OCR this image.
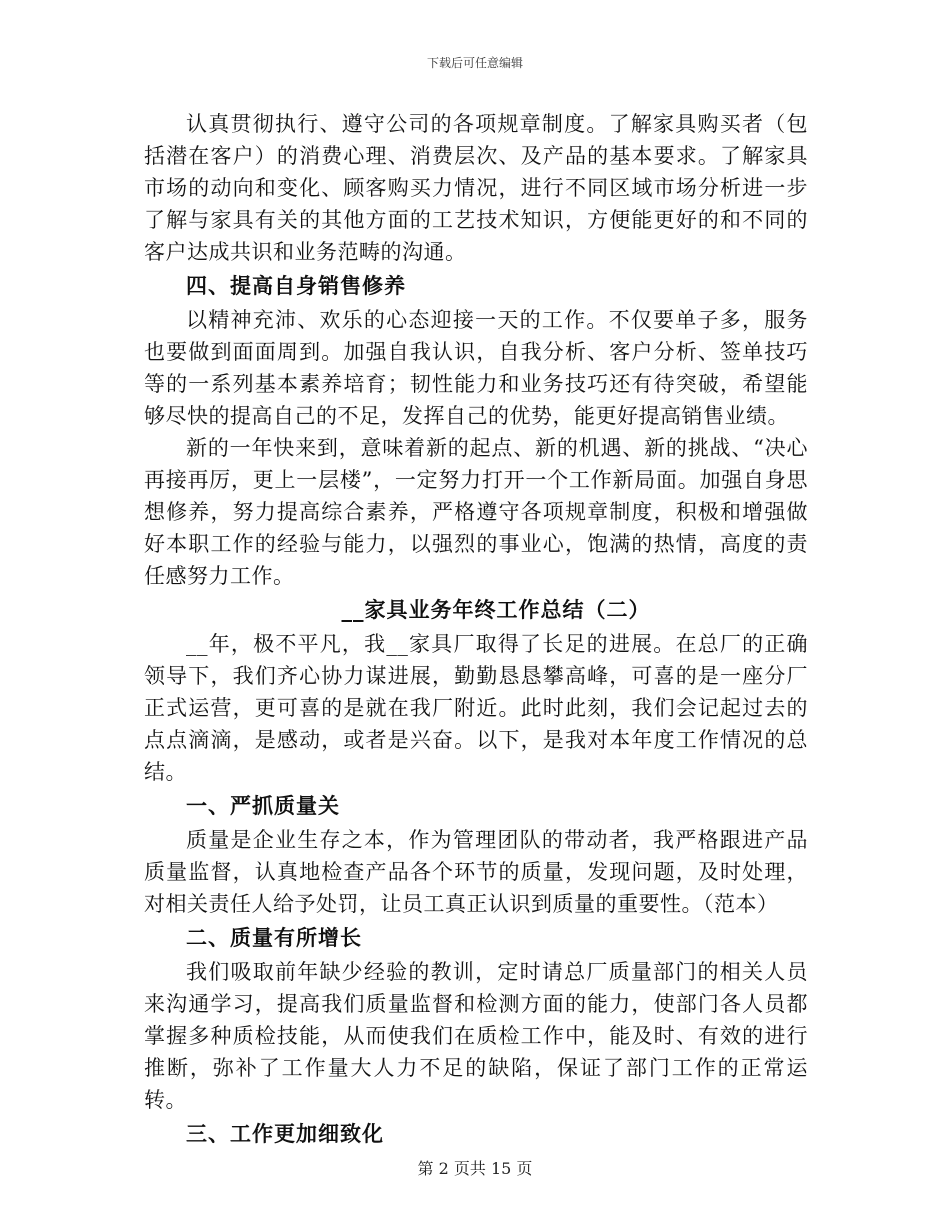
下载后可任意编辑

认真贯彻执行、遵守公司的各项规章制度。了解家具购买者（包括潜在客户）的消费心理、消费层次、及产品的基本要求。了解家具市场的动向和变化、顾客购买力情况，进行不同区域市场分析进一步了解与家具有关的其他方面的工艺技术知识，方便能更好的和不同的客户达成共识和业务范畴的沟通。

四、提高自身销售修养

以精神充沛、欢乐的心态迎接一天的工作。不仅要单子多，服务也要做到面面周到。加强自我认识，自我分析、客户分析、签单技巧等的一系列基本素养培育；韧性能力和业务技巧还有待突破，希望能够尽快的提高自己的不足，发挥自己的优势，能更好提高销售业绩。

新的一年快来到，意味着新的起点、新的机遇、新的挑战、“决心再接再厉，更上一层楼”，一定努力打开一个工作新局面。加强自身思想修养，努力提高综合素养，严格遵守各项规章制度，积极和增强做好本职工作的经验与能力，以强烈的事业心，饱满的热情，高度的责任感努力工作。

__家具业务年终工作总结（二）

__年，极不平凡，我__家具厂取得了长足的进展。在总厂的正确领导下，我们齐心协力谋进展，勤勤恳恳攀高峰，可喜的是一座分厂正式运营，更可喜的是就在我厂附近。此时此刻，我们会记起过去的点点滴滴，是感动，或者是兴奋。以下，是我对本年度工作情况的总结。

一、严抓质量关

质量是企业生存之本，作为管理团队的带动者，我严格跟进产品质量监督，认真地检查产品各个环节的质量，发现问题，及时处理，对相关责任人给予处罚，让员工真正认识到质量的重要性。（范本）

二、质量有所增长

我们吸取前年缺少经验的教训，定时请总厂质量部门的相关人员来沟通学习，提高我们质量监督和检测方面的能力，使部门各人员都掌握多种质检技能，从而使我们在质检工作中，能及时、有效的进行推断，弥补了工作量大人力不足的缺陷，保证了部门工作的正常运转。

三、工作更加细致化

第 2 页共 15 页
